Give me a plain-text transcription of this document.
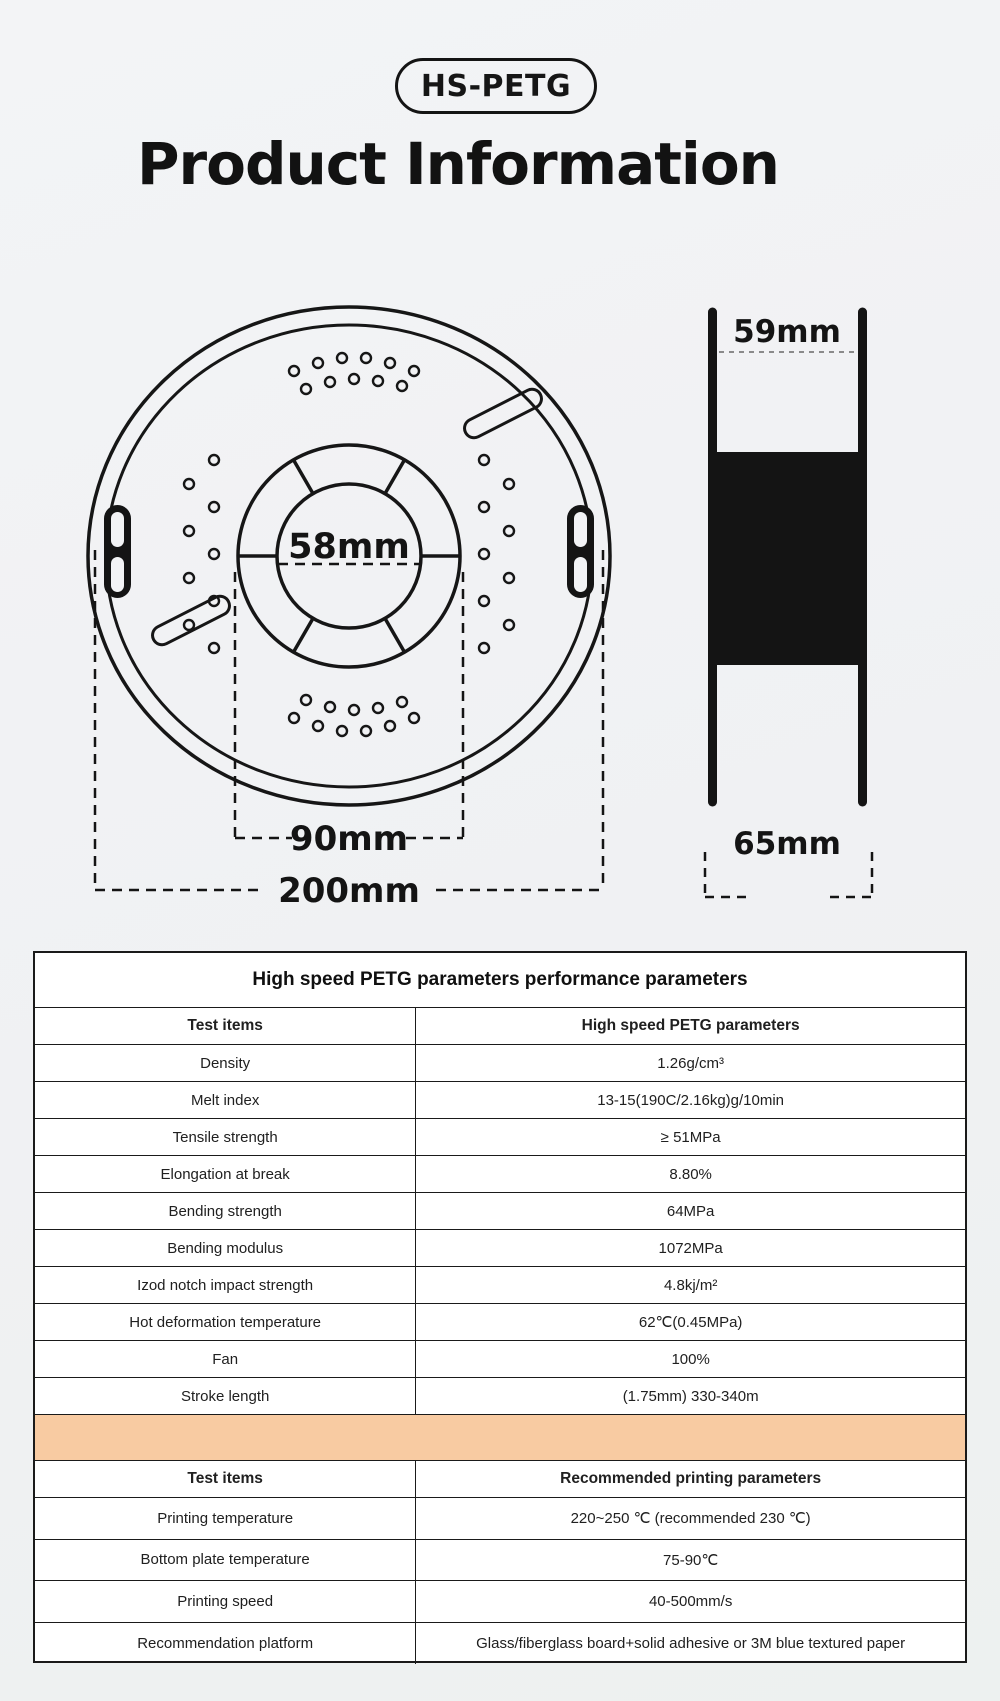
HS-PETG
Product Information
58mm
90mm
200mm
59mm
65mm
High speed PETG parameters performance parameters
Test items	High speed PETG parameters
Density	1.26g/cm³
Melt index	13-15(190C/2.16kg)g/10min
Tensile strength	≥ 51MPa
Elongation at break	8.80%
Bending strength	64MPa
Bending modulus	1072MPa
Izod notch impact strength	4.8kj/m²
Hot deformation temperature	62℃(0.45MPa)
Fan	100%
Stroke length	(1.75mm) 330-340m
Test items	Recommended printing parameters
Printing temperature	220~250 ℃ (recommended 230 ℃)
Bottom plate temperature	75-90℃
Printing speed	40-500mm/s
Recommendation platform	Glass/fiberglass board+solid adhesive or 3M blue textured paper
